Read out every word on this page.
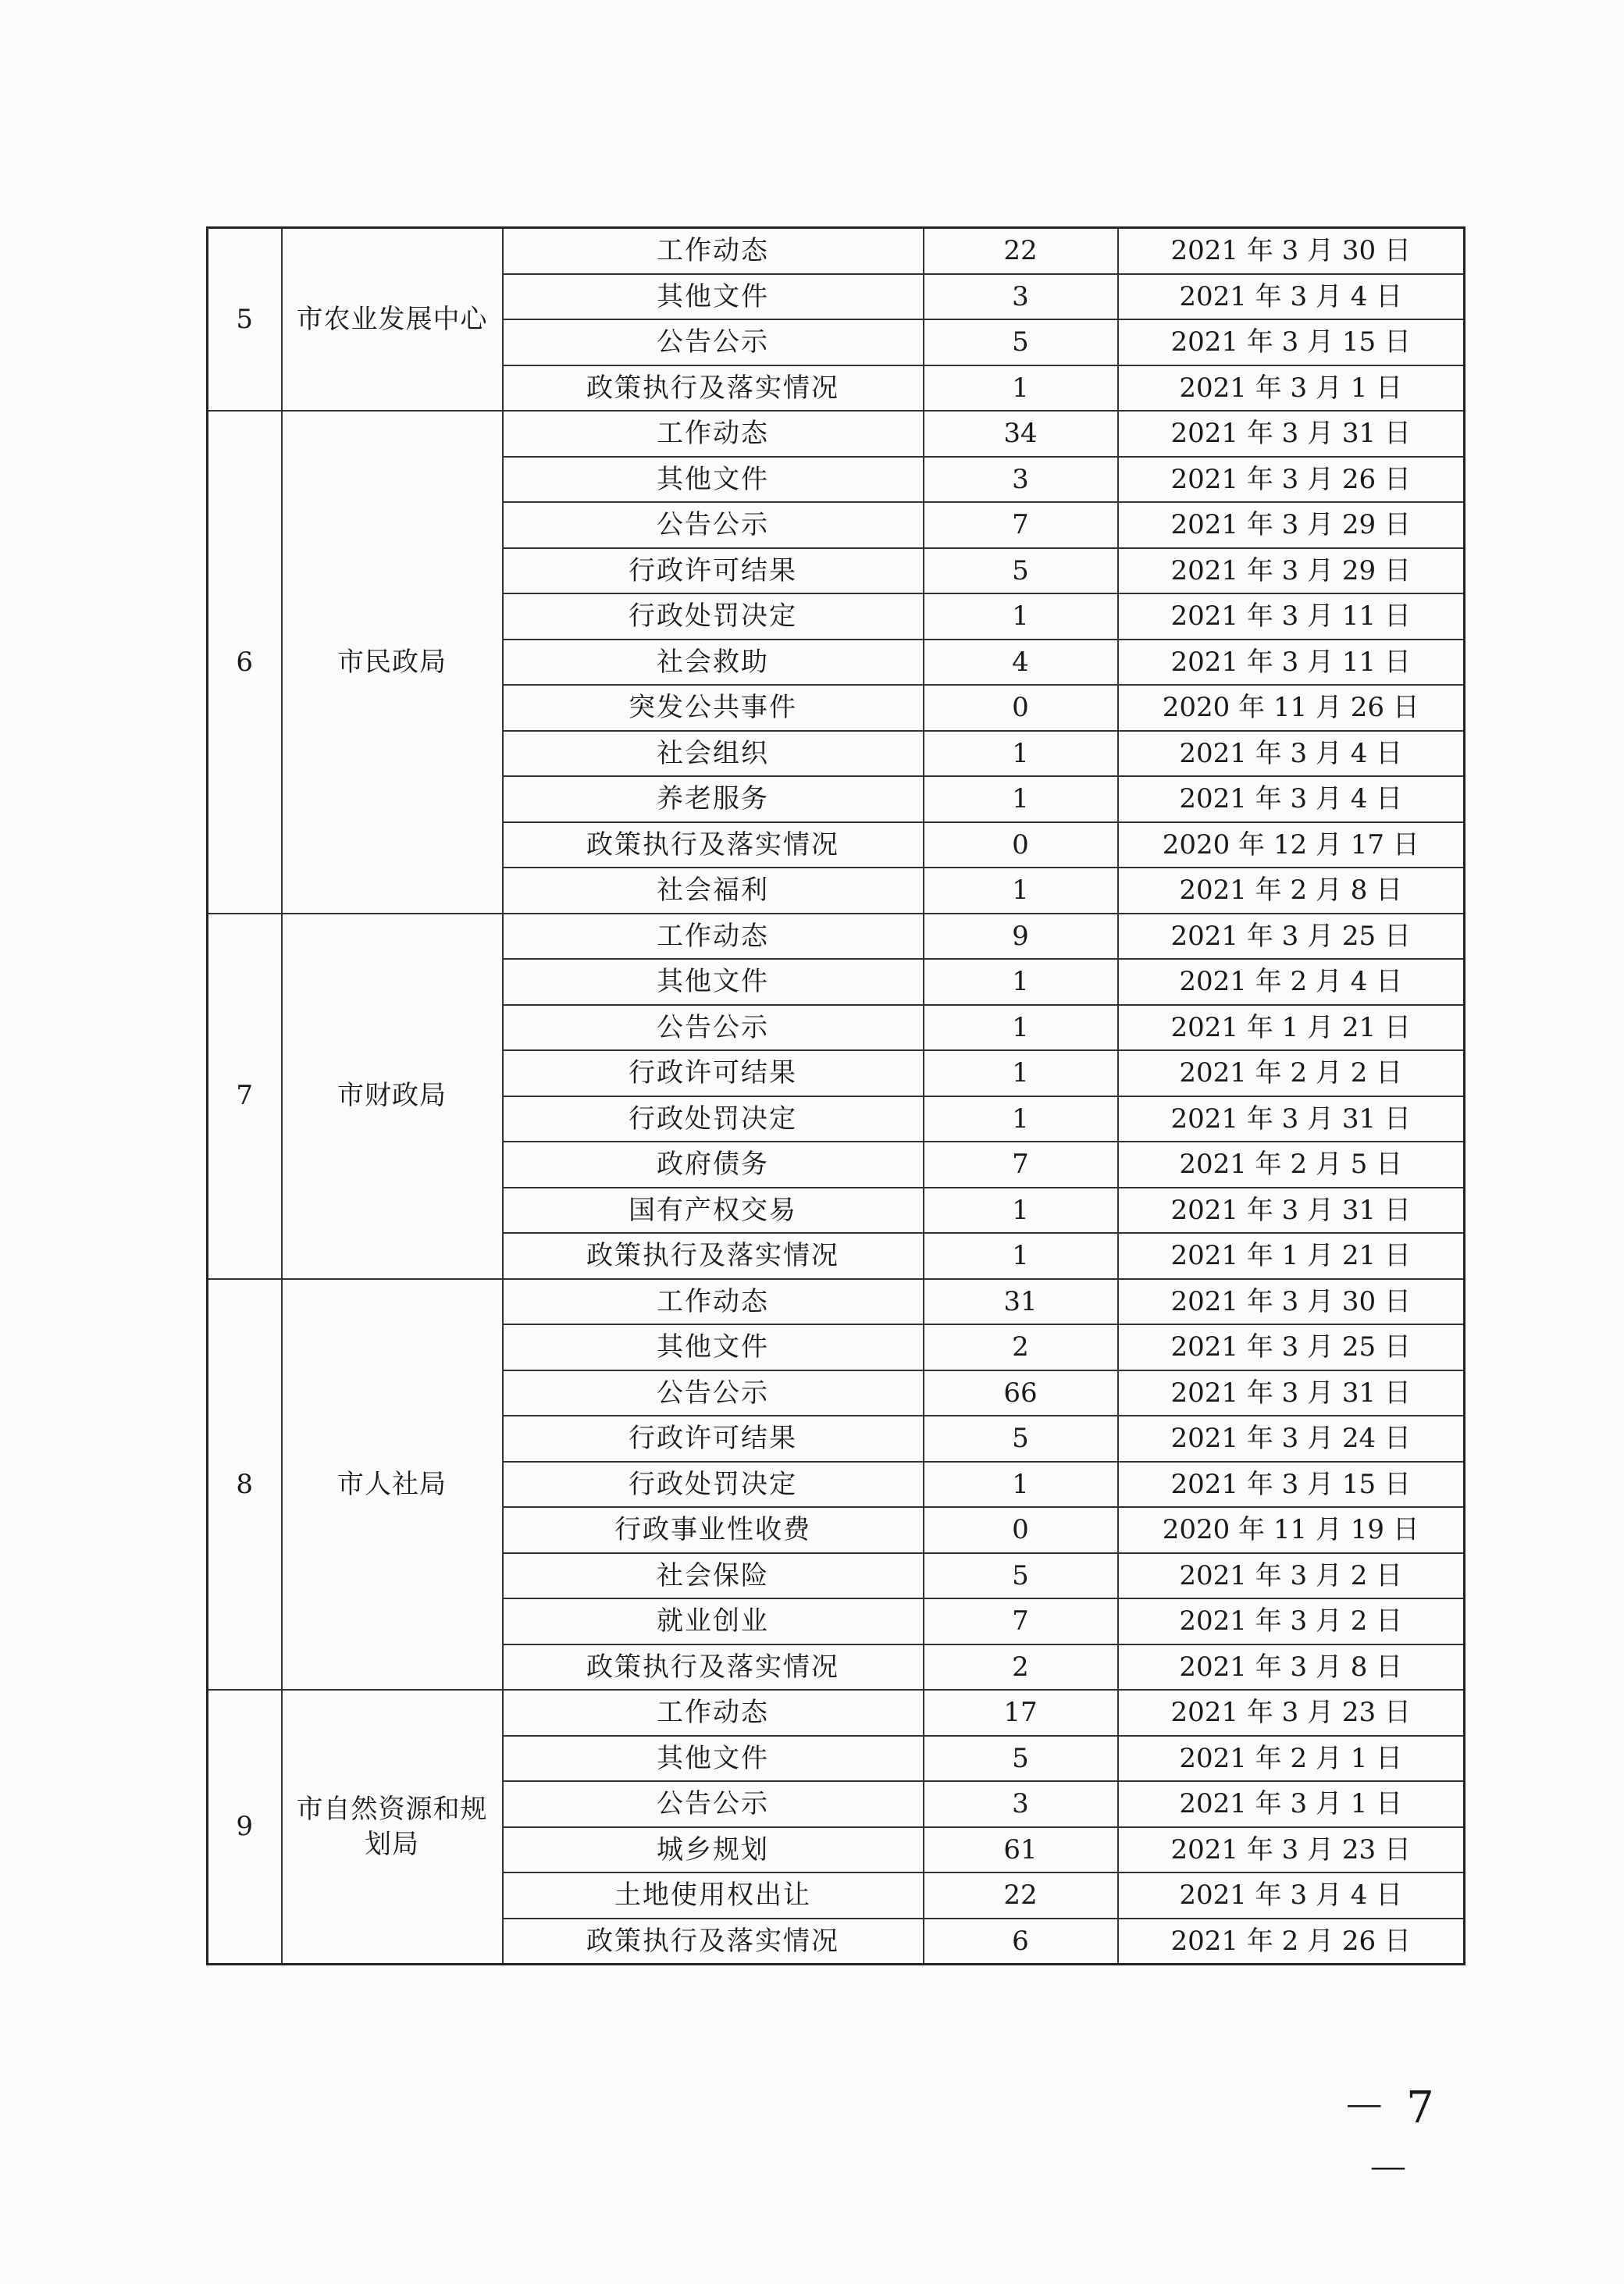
5	市农业发展中心	工作动态	22	2021 年 3 月 30 日
		其他文件	3	2021 年 3 月 4 日
		公告公示	5	2021 年 3 月 15 日
		政策执行及落实情况	1	2021 年 3 月 1 日
6	市民政局	工作动态	34	2021 年 3 月 31 日
		其他文件	3	2021 年 3 月 26 日
		公告公示	7	2021 年 3 月 29 日
		行政许可结果	5	2021 年 3 月 29 日
		行政处罚决定	1	2021 年 3 月 11 日
		社会救助	4	2021 年 3 月 11 日
		突发公共事件	0	2020 年 11 月 26 日
		社会组织	1	2021 年 3 月 4 日
		养老服务	1	2021 年 3 月 4 日
		政策执行及落实情况	0	2020 年 12 月 17 日
		社会福利	1	2021 年 2 月 8 日
7	市财政局	工作动态	9	2021 年 3 月 25 日
		其他文件	1	2021 年 2 月 4 日
		公告公示	1	2021 年 1 月 21 日
		行政许可结果	1	2021 年 2 月 2 日
		行政处罚决定	1	2021 年 3 月 31 日
		政府债务	7	2021 年 2 月 5 日
		国有产权交易	1	2021 年 3 月 31 日
		政策执行及落实情况	1	2021 年 1 月 21 日
8	市人社局	工作动态	31	2021 年 3 月 30 日
		其他文件	2	2021 年 3 月 25 日
		公告公示	66	2021 年 3 月 31 日
		行政许可结果	5	2021 年 3 月 24 日
		行政处罚决定	1	2021 年 3 月 15 日
		行政事业性收费	0	2020 年 11 月 19 日
		社会保险	5	2021 年 3 月 2 日
		就业创业	7	2021 年 3 月 2 日
		政策执行及落实情况	2	2021 年 3 月 8 日
9	市自然资源和规划局	工作动态	17	2021 年 3 月 23 日
		其他文件	5	2021 年 2 月 1 日
		公告公示	3	2021 年 3 月 1 日
		城乡规划	61	2021 年 3 月 23 日
		土地使用权出让	22	2021 年 3 月 4 日
		政策执行及落实情况	6	2021 年 2 月 26 日
－ 7 －
